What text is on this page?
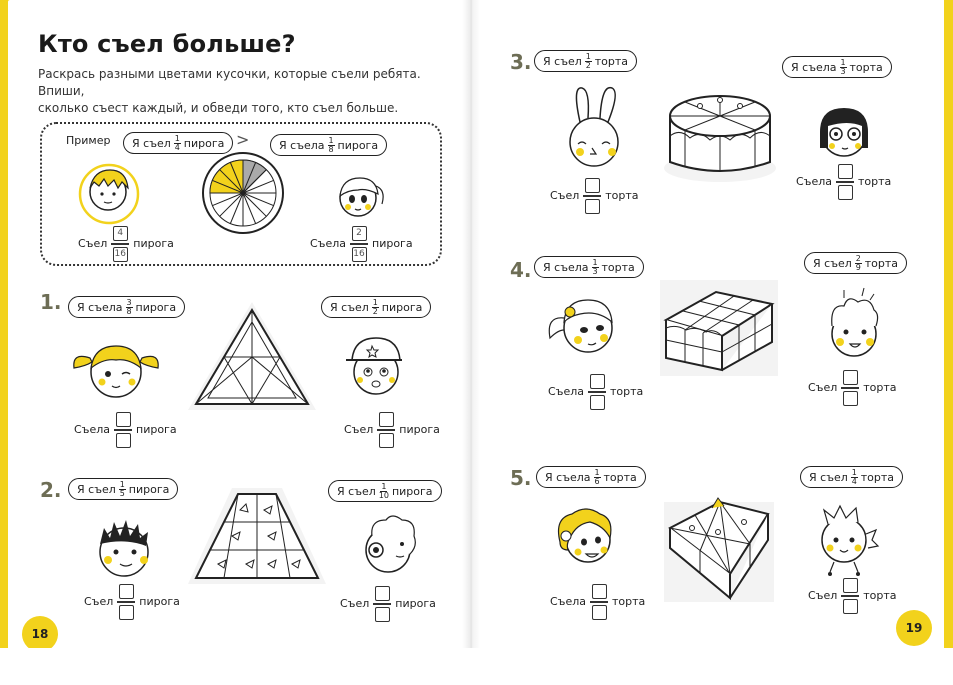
Кто съел больше?
Раскрась разными цветами кусочки, которые съели ребята. Впиши,
сколько съест каждый, и обведи того, кто съел больше.
Пример Я съел $\frac{1}{4}$ пирога >	Я съела $\frac{1}{8}$ пирога
Съел $\frac{4}{16}$ пирога	Съела $\frac{2}{16}$ пирога
1. Я съела $\frac{3}{8}$ пирога	Я съел $\frac{1}{2}$ пирога
Съела пирога	Съел пирога
2. Я съел $\frac{1}{5}$ пирога	Я съел $\frac{1}{10}$ пирога
Съел пирога	Съел пирога
18
3. Я съел $\frac{1}{2}$ торта	Я съела $\frac{1}{3}$ торта
Съел торта
Съела торта
4. Я съела $\frac{1}{3}$ торта	Я съел $\frac{2}{9}$ торта
Съела торта	Съел торта
5. Я съела $\frac{1}{6}$ торта	Я съел $\frac{1}{4}$ торта
Съела торта	Съел торта
19
